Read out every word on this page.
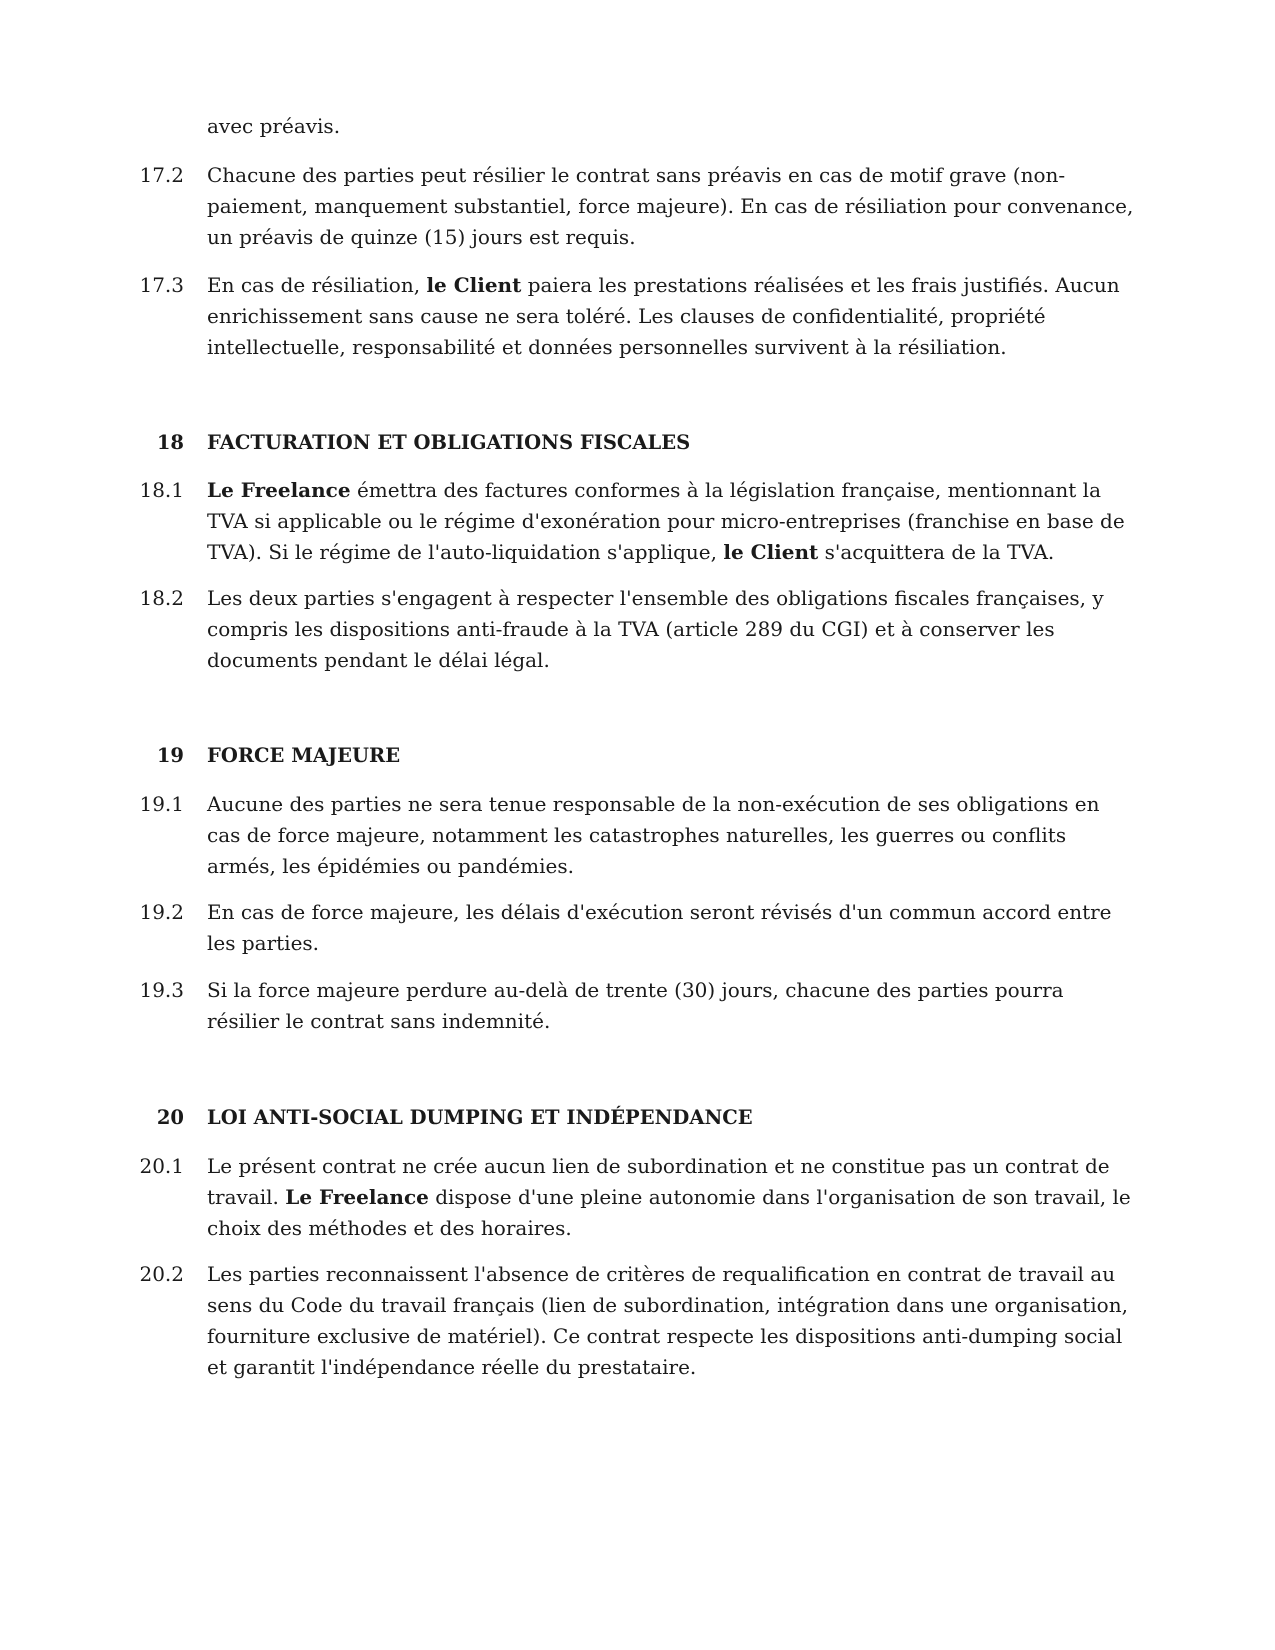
avec préavis.
17.2 Chacune des parties peut résilier le contrat sans préavis en cas de motif grave (non-paiement, manquement substantiel, force majeure). En cas de résiliation pour convenance, un préavis de quinze (15) jours est requis.
17.3 En cas de résiliation, le Client paiera les prestations réalisées et les frais justifiés. Aucun enrichissement sans cause ne sera toléré. Les clauses de confidentialité, propriété intellectuelle, responsabilité et données personnelles survivent à la résiliation.
18 FACTURATION ET OBLIGATIONS FISCALES
18.1 Le Freelance émettra des factures conformes à la législation française, mentionnant la TVA si applicable ou le régime d'exonération pour micro-entreprises (franchise en base de TVA). Si le régime de l'auto-liquidation s'applique, le Client s'acquittera de la TVA.
18.2 Les deux parties s'engagent à respecter l'ensemble des obligations fiscales françaises, y compris les dispositions anti-fraude à la TVA (article 289 du CGI) et à conserver les documents pendant le délai légal.
19 FORCE MAJEURE
19.1 Aucune des parties ne sera tenue responsable de la non-exécution de ses obligations en cas de force majeure, notamment les catastrophes naturelles, les guerres ou conflits armés, les épidémies ou pandémies.
19.2 En cas de force majeure, les délais d'exécution seront révisés d'un commun accord entre les parties.
19.3 Si la force majeure perdure au-delà de trente (30) jours, chacune des parties pourra résilier le contrat sans indemnité.
20 LOI ANTI-SOCIAL DUMPING ET INDÉPENDANCE
20.1 Le présent contrat ne crée aucun lien de subordination et ne constitue pas un contrat de travail. Le Freelance dispose d'une pleine autonomie dans l'organisation de son travail, le choix des méthodes et des horaires.
20.2 Les parties reconnaissent l'absence de critères de requalification en contrat de travail au sens du Code du travail français (lien de subordination, intégration dans une organisation, fourniture exclusive de matériel). Ce contrat respecte les dispositions anti-dumping social et garantit l'indépendance réelle du prestataire.
